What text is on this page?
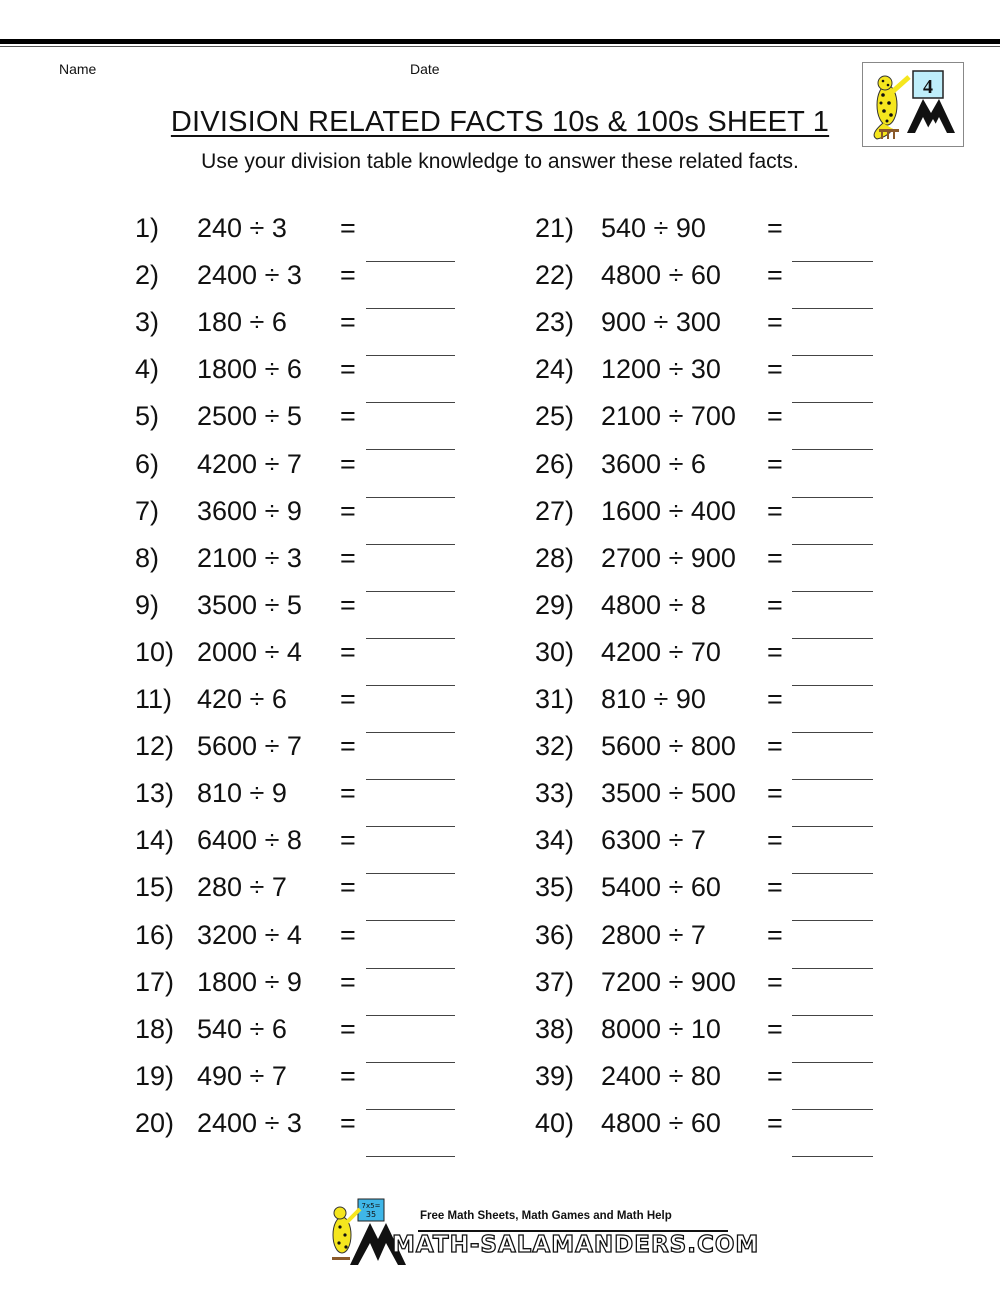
Name	Date
DIVISION RELATED FACTS 10s & 100s SHEET 1
Use your division table knowledge to answer these related facts.
4
1) 240 ÷ 3 =
2) 2400 ÷ 3 =
3) 180 ÷ 6 =
4) 1800 ÷ 6 =
5) 2500 ÷ 5 =
6) 4200 ÷ 7 =
7) 3600 ÷ 9 =
8) 2100 ÷ 3 =
9) 3500 ÷ 5 =
10) 2000 ÷ 4 =
11) 420 ÷ 6 =
12) 5600 ÷ 7 =
13) 810 ÷ 9 =
14) 6400 ÷ 8 =
15) 280 ÷ 7 =
16) 3200 ÷ 4 =
17) 1800 ÷ 9 =
18) 540 ÷ 6 =
19) 490 ÷ 7 =
20) 2400 ÷ 3 =
21) 540 ÷ 90 =
22) 4800 ÷ 60 =
23) 900 ÷ 300 =
24) 1200 ÷ 30 =
25) 2100 ÷ 700 =
26) 3600 ÷ 6 =
27) 1600 ÷ 400 =
28) 2700 ÷ 900 =
29) 4800 ÷ 8 =
30) 4200 ÷ 70 =
31) 810 ÷ 90 =
32) 5600 ÷ 800 =
33) 3500 ÷ 500 =
34) 6300 ÷ 7 =
35) 5400 ÷ 60 =
36) 2800 ÷ 7 =
37) 7200 ÷ 900 =
38) 8000 ÷ 10 =
39) 2400 ÷ 80 =
40) 4800 ÷ 60 =
7x5=
35	Free Math Sheets, Math Games and Math Help
MATH-SALAMANDERS.COM
